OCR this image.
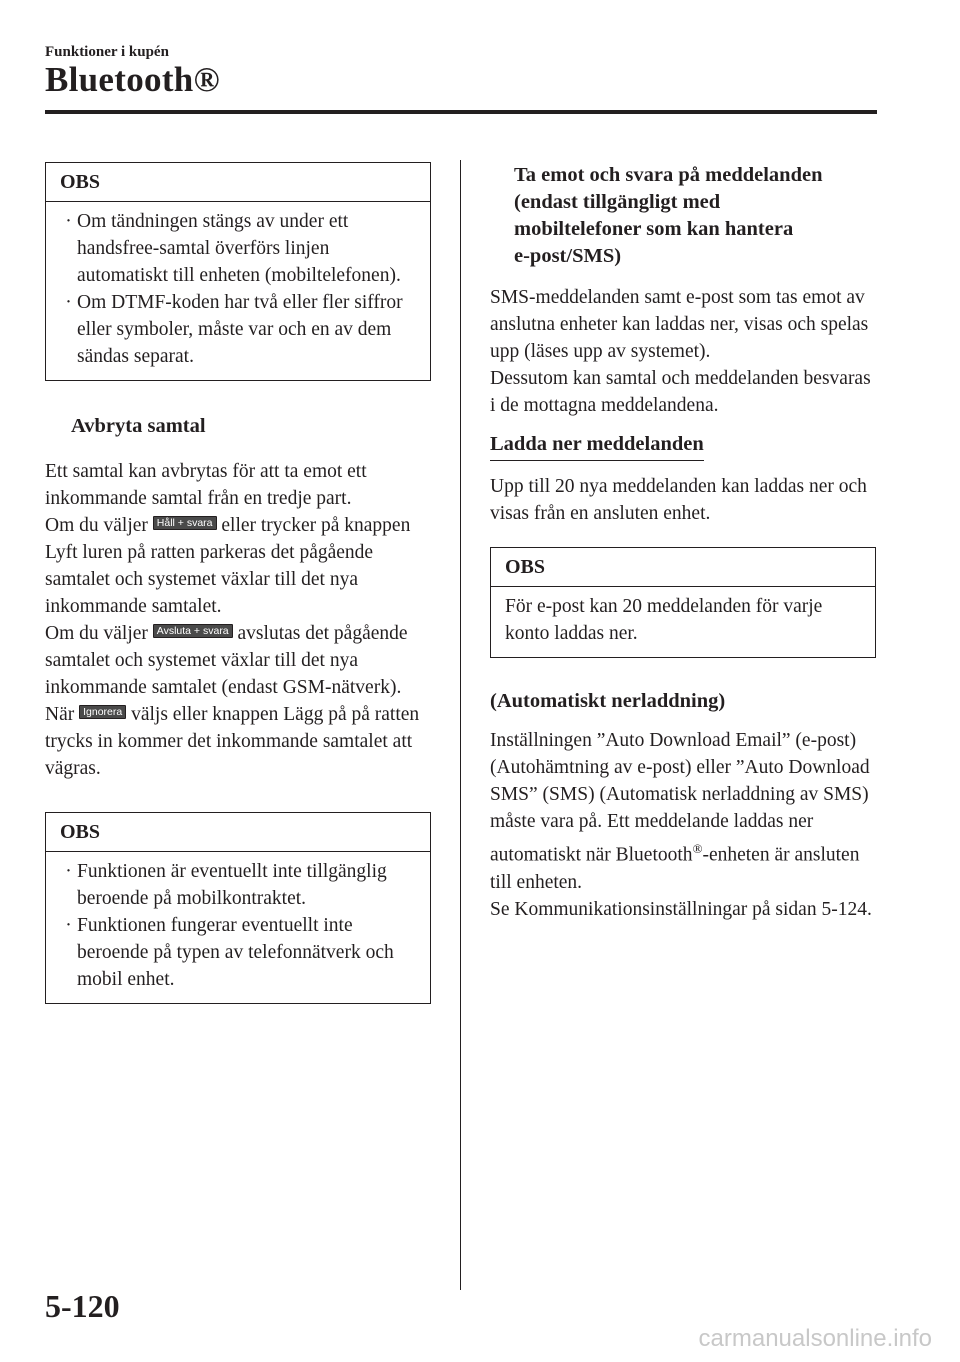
Funktioner i kupén
Bluetooth®
OBS

· Om tändningen stängs av under ett handsfree-samtal överförs linjen automatiskt till enheten (mobiltelefonen).

· Om DTMF-koden har två eller fler siffror eller symboler, måste var och en av dem sändas separat.

Avbryta samtal

Ett samtal kan avbrytas för att ta emot ett inkommande samtal från en tredje part.

Om du väljer Håll + svara eller trycker på knappen Lyft luren på ratten parkeras det pågående samtalet och systemet växlar till det nya inkommande samtalet.

Om du väljer Avsluta + svara avslutas det pågående samtalet och systemet växlar till det nya inkommande samtalet (endast GSM-nätverk).

När Ignorera väljs eller knappen Lägg på på ratten trycks in kommer det inkommande samtalet att vägras.

OBS

· Funktionen är eventuellt inte tillgänglig beroende på mobilkontraktet.

· Funktionen fungerar eventuellt inte beroende på typen av telefonnätverk och mobil enhet.

Ta emot och svara på meddelanden

(endast tillgängligt med

mobiltelefoner som kan hantera

e-post/SMS)

SMS-meddelanden samt e-post som tas emot av anslutna enheter kan laddas ner, visas och spelas upp (läses upp av systemet).

Dessutom kan samtal och meddelanden besvaras i de mottagna meddelandena.

Ladda ner meddelanden

Upp till 20 nya meddelanden kan laddas ner och visas från en ansluten enhet.

OBS

För e-post kan 20 meddelanden för varje konto laddas ner.

(Automatiskt nerladdning)

Inställningen ”Auto Download Email” (e-post) (Autohämtning av e-post) eller ”Auto Download SMS” (SMS) (Automatisk nerladdning av SMS) måste vara på. Ett meddelande laddas ner automatiskt när Bluetooth®-enheten är ansluten till enheten.

Se Kommunikationsinställningar på sidan 5-124.

5-120
carmanualsonline.info
